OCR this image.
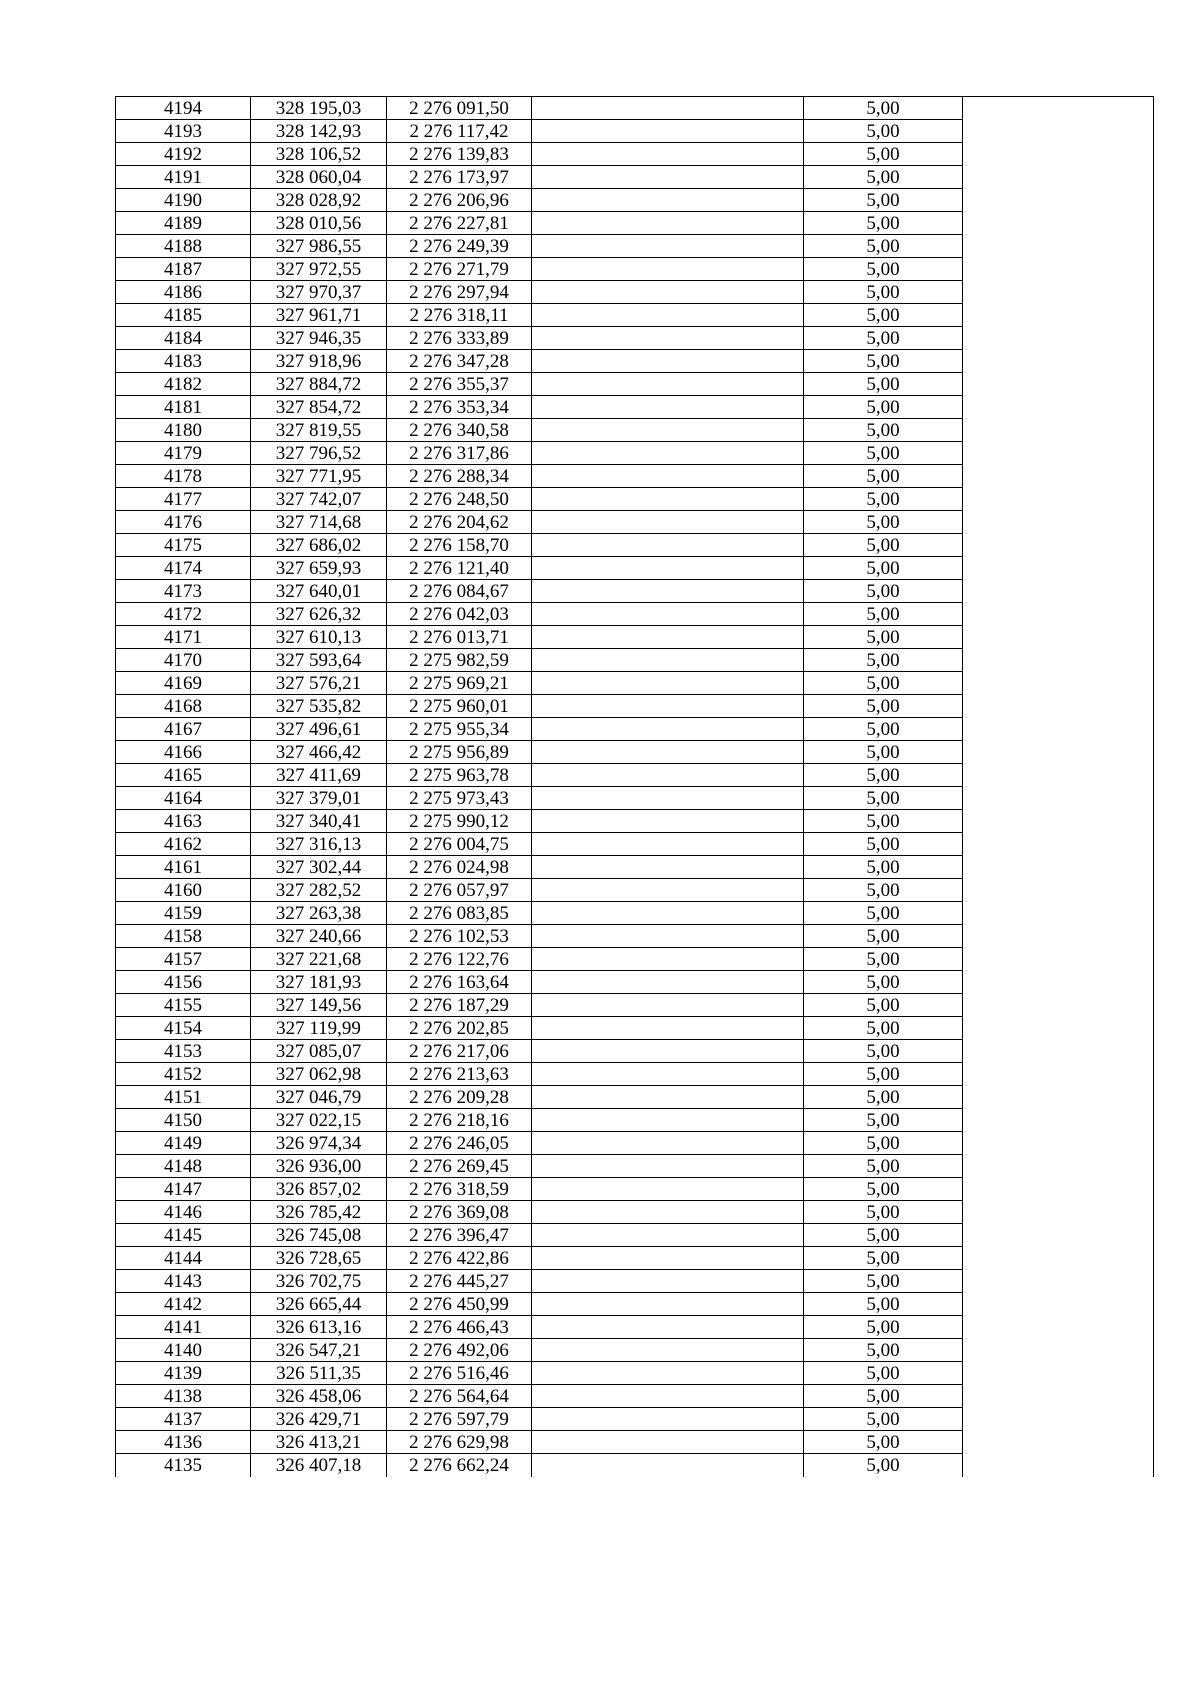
4194	328 195,03	2 276 091,50		5,00	
4193	328 142,93	2 276 117,42		5,00	
4192	328 106,52	2 276 139,83		5,00	
4191	328 060,04	2 276 173,97		5,00	
4190	328 028,92	2 276 206,96		5,00	
4189	328 010,56	2 276 227,81		5,00	
4188	327 986,55	2 276 249,39		5,00	
4187	327 972,55	2 276 271,79		5,00	
4186	327 970,37	2 276 297,94		5,00	
4185	327 961,71	2 276 318,11		5,00	
4184	327 946,35	2 276 333,89		5,00	
4183	327 918,96	2 276 347,28		5,00	
4182	327 884,72	2 276 355,37		5,00	
4181	327 854,72	2 276 353,34		5,00	
4180	327 819,55	2 276 340,58		5,00	
4179	327 796,52	2 276 317,86		5,00	
4178	327 771,95	2 276 288,34		5,00	
4177	327 742,07	2 276 248,50		5,00	
4176	327 714,68	2 276 204,62		5,00	
4175	327 686,02	2 276 158,70		5,00	
4174	327 659,93	2 276 121,40		5,00	
4173	327 640,01	2 276 084,67		5,00	
4172	327 626,32	2 276 042,03		5,00	
4171	327 610,13	2 276 013,71		5,00	
4170	327 593,64	2 275 982,59		5,00	
4169	327 576,21	2 275 969,21		5,00	
4168	327 535,82	2 275 960,01		5,00	
4167	327 496,61	2 275 955,34		5,00	
4166	327 466,42	2 275 956,89		5,00	
4165	327 411,69	2 275 963,78		5,00	
4164	327 379,01	2 275 973,43		5,00	
4163	327 340,41	2 275 990,12		5,00	
4162	327 316,13	2 276 004,75		5,00	
4161	327 302,44	2 276 024,98		5,00	
4160	327 282,52	2 276 057,97		5,00	
4159	327 263,38	2 276 083,85		5,00	
4158	327 240,66	2 276 102,53		5,00	
4157	327 221,68	2 276 122,76		5,00	
4156	327 181,93	2 276 163,64		5,00	
4155	327 149,56	2 276 187,29		5,00	
4154	327 119,99	2 276 202,85		5,00	
4153	327 085,07	2 276 217,06		5,00	
4152	327 062,98	2 276 213,63		5,00	
4151	327 046,79	2 276 209,28		5,00	
4150	327 022,15	2 276 218,16		5,00	
4149	326 974,34	2 276 246,05		5,00	
4148	326 936,00	2 276 269,45		5,00	
4147	326 857,02	2 276 318,59		5,00	
4146	326 785,42	2 276 369,08		5,00	
4145	326 745,08	2 276 396,47		5,00	
4144	326 728,65	2 276 422,86		5,00	
4143	326 702,75	2 276 445,27		5,00	
4142	326 665,44	2 276 450,99		5,00	
4141	326 613,16	2 276 466,43		5,00	
4140	326 547,21	2 276 492,06		5,00	
4139	326 511,35	2 276 516,46		5,00	
4138	326 458,06	2 276 564,64		5,00	
4137	326 429,71	2 276 597,79		5,00	
4136	326 413,21	2 276 629,98		5,00	
4135	326 407,18	2 276 662,24		5,00	
